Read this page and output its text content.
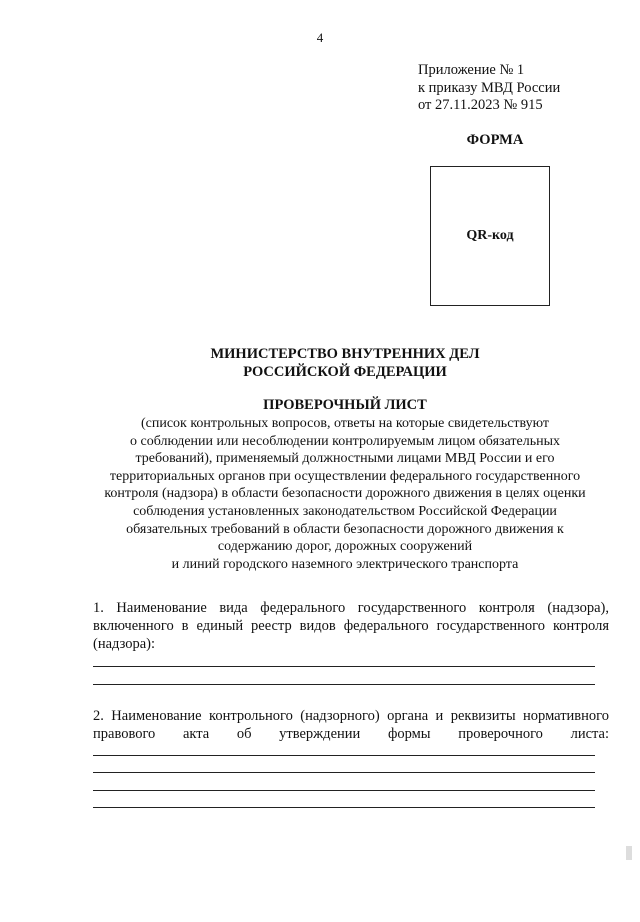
4
Приложение № 1
к приказу МВД России
от 27.11.2023 № 915
ФОРМА
QR-код
МИНИСТЕРСТВО ВНУТРЕННИХ ДЕЛ
РОССИЙСКОЙ ФЕДЕРАЦИИ
ПРОВЕРОЧНЫЙ ЛИСТ
(список контрольных вопросов, ответы на которые свидетельствуют
о соблюдении или несоблюдении контролируемым лицом обязательных
требований), применяемый должностными лицами МВД России и его
территориальных органов при осуществлении федерального государственного
контроля (надзора) в области безопасности дорожного движения в целях оценки
соблюдения установленных законодательством Российской Федерации
обязательных требований в области безопасности дорожного движения к
содержанию дорог, дорожных сооружений
и линий городского наземного электрического транспорта
1. Наименование вида федерального государственного контроля (надзора),
включенного в единый реестр видов федерального государственного контроля
(надзора):
2. Наименование контрольного (надзорного) органа и реквизиты нормативного
правового акта об утверждении формы проверочного листа:
